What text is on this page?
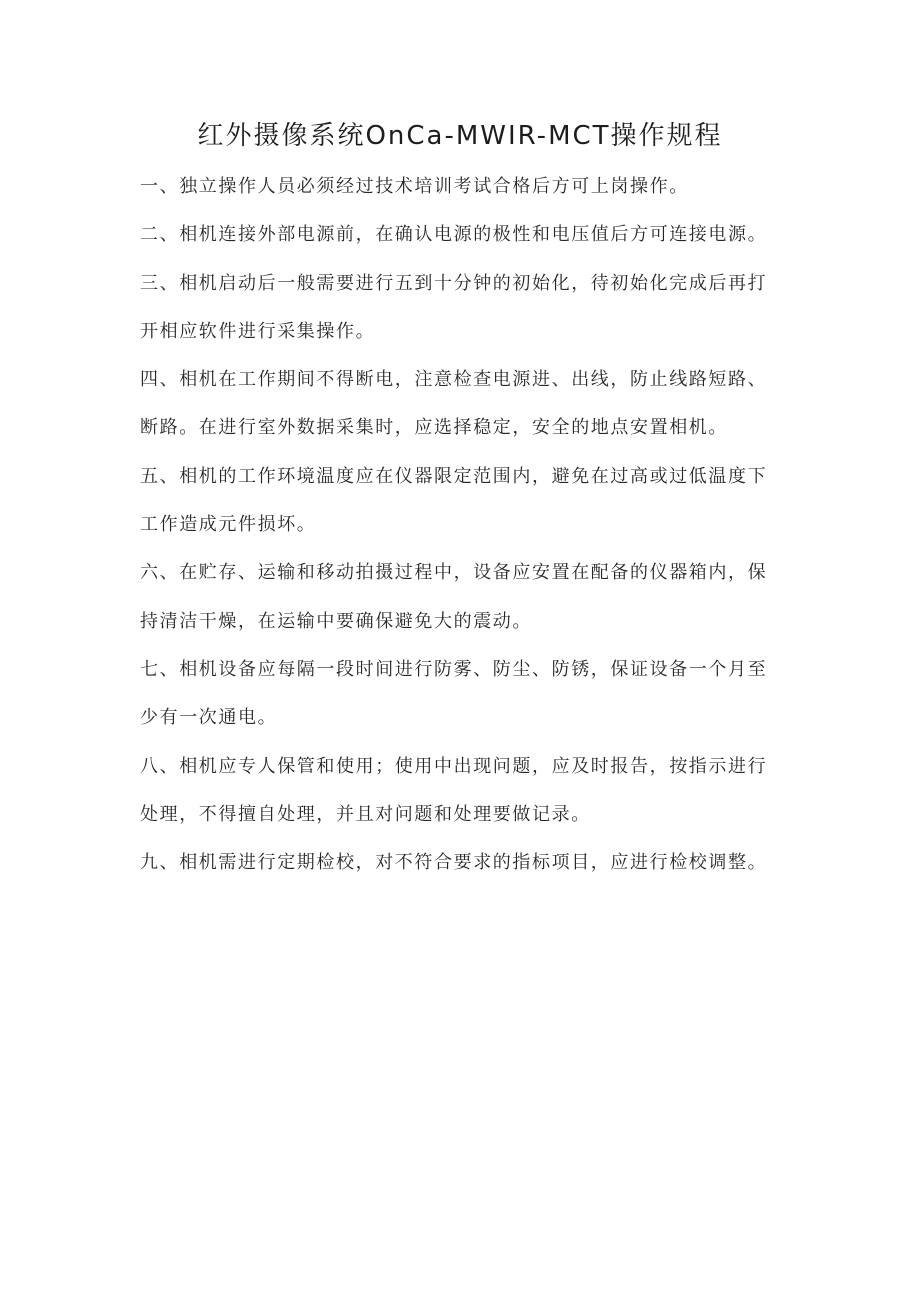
红外摄像系统OnCa-MWIR-MCT操作规程

一、独立操作人员必须经过技术培训考试合格后方可上岗操作。

二、相机连接外部电源前，在确认电源的极性和电压值后方可连接电源。

三、相机启动后一般需要进行五到十分钟的初始化，待初始化完成后再打

开相应软件进行采集操作。

四、相机在工作期间不得断电，注意检查电源进、出线，防止线路短路、

断路。在进行室外数据采集时，应选择稳定，安全的地点安置相机。

五、相机的工作环境温度应在仪器限定范围内，避免在过高或过低温度下

工作造成元件损坏。

六、在贮存、运输和移动拍摄过程中，设备应安置在配备的仪器箱内，保

持清洁干燥，在运输中要确保避免大的震动。

七、相机设备应每隔一段时间进行防雾、防尘、防锈，保证设备一个月至

少有一次通电。

八、相机应专人保管和使用；使用中出现问题，应及时报告，按指示进行

处理，不得擅自处理，并且对问题和处理要做记录。

九、相机需进行定期检校，对不符合要求的指标项目，应进行检校调整。
